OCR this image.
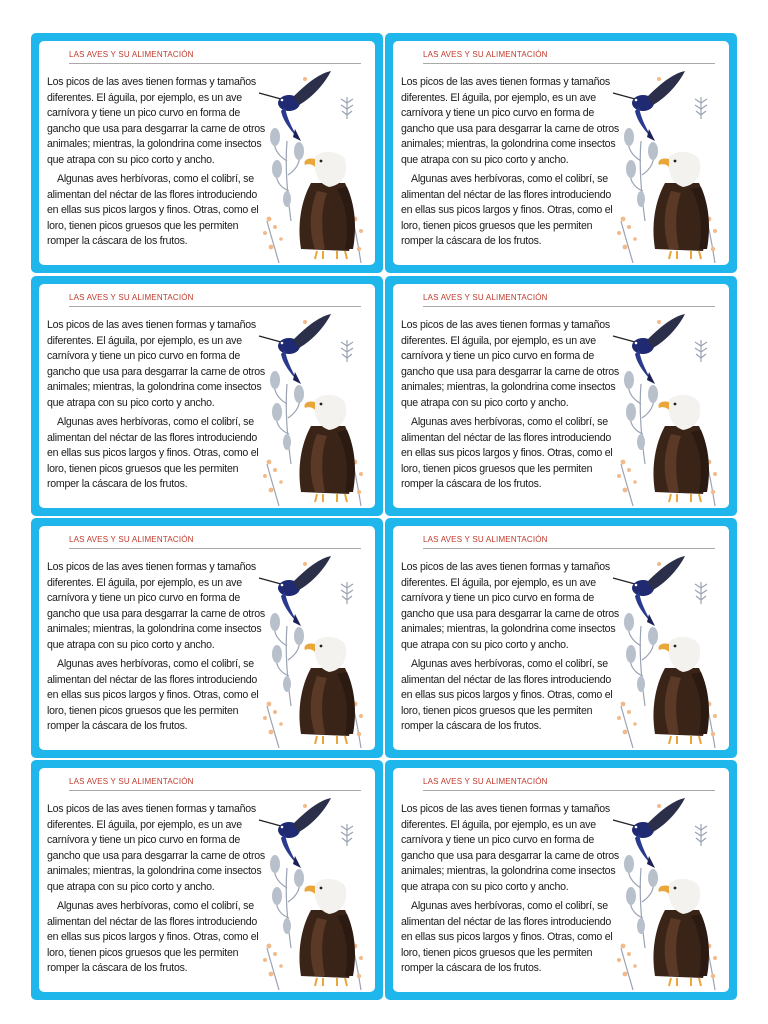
LAS AVES Y SU ALIMENTACIÓN

Los picos de las aves tienen formas y tamaños diferentes. El águila, por ejemplo, es un ave carnívora y tiene un pico curvo en forma de gancho que usa para desgarrar la carne de otros animales; mientras, la golondrina come insectos que atrapa con su pico corto y ancho.

Algunas aves herbívoras, como el colibrí, se alimentan del néctar de las flores introduciendo en ellas sus picos largos y finos. Otras, como el loro, tienen picos gruesos que les permiten romper la cáscara de los frutos.

LAS AVES Y SU ALIMENTACIÓN

Los picos de las aves tienen formas y tamaños diferentes. El águila, por ejemplo, es un ave carnívora y tiene un pico curvo en forma de gancho que usa para desgarrar la carne de otros animales; mientras, la golondrina come insectos que atrapa con su pico corto y ancho.

Algunas aves herbívoras, como el colibrí, se alimentan del néctar de las flores introduciendo en ellas sus picos largos y finos. Otras, como el loro, tienen picos gruesos que les permiten romper la cáscara de los frutos.

LAS AVES Y SU ALIMENTACIÓN

Los picos de las aves tienen formas y tamaños diferentes. El águila, por ejemplo, es un ave carnívora y tiene un pico curvo en forma de gancho que usa para desgarrar la carne de otros animales; mientras, la golondrina come insectos que atrapa con su pico corto y ancho.

Algunas aves herbívoras, como el colibrí, se alimentan del néctar de las flores introduciendo en ellas sus picos largos y finos. Otras, como el loro, tienen picos gruesos que les permiten romper la cáscara de los frutos.

LAS AVES Y SU ALIMENTACIÓN

Los picos de las aves tienen formas y tamaños diferentes. El águila, por ejemplo, es un ave carnívora y tiene un pico curvo en forma de gancho que usa para desgarrar la carne de otros animales; mientras, la golondrina come insectos que atrapa con su pico corto y ancho.

Algunas aves herbívoras, como el colibrí, se alimentan del néctar de las flores introduciendo en ellas sus picos largos y finos. Otras, como el loro, tienen picos gruesos que les permiten romper la cáscara de los frutos.

LAS AVES Y SU ALIMENTACIÓN

Los picos de las aves tienen formas y tamaños diferentes. El águila, por ejemplo, es un ave carnívora y tiene un pico curvo en forma de gancho que usa para desgarrar la carne de otros animales; mientras, la golondrina come insectos que atrapa con su pico corto y ancho.

Algunas aves herbívoras, como el colibrí, se alimentan del néctar de las flores introduciendo en ellas sus picos largos y finos. Otras, como el loro, tienen picos gruesos que les permiten romper la cáscara de los frutos.

LAS AVES Y SU ALIMENTACIÓN

Los picos de las aves tienen formas y tamaños diferentes. El águila, por ejemplo, es un ave carnívora y tiene un pico curvo en forma de gancho que usa para desgarrar la carne de otros animales; mientras, la golondrina come insectos que atrapa con su pico corto y ancho.

Algunas aves herbívoras, como el colibrí, se alimentan del néctar de las flores introduciendo en ellas sus picos largos y finos. Otras, como el loro, tienen picos gruesos que les permiten romper la cáscara de los frutos.

LAS AVES Y SU ALIMENTACIÓN

Los picos de las aves tienen formas y tamaños diferentes. El águila, por ejemplo, es un ave carnívora y tiene un pico curvo en forma de gancho que usa para desgarrar la carne de otros animales; mientras, la golondrina come insectos que atrapa con su pico corto y ancho.

Algunas aves herbívoras, como el colibrí, se alimentan del néctar de las flores introduciendo en ellas sus picos largos y finos. Otras, como el loro, tienen picos gruesos que les permiten romper la cáscara de los frutos.

LAS AVES Y SU ALIMENTACIÓN

Los picos de las aves tienen formas y tamaños diferentes. El águila, por ejemplo, es un ave carnívora y tiene un pico curvo en forma de gancho que usa para desgarrar la carne de otros animales; mientras, la golondrina come insectos que atrapa con su pico corto y ancho.

Algunas aves herbívoras, como el colibrí, se alimentan del néctar de las flores introduciendo en ellas sus picos largos y finos. Otras, como el loro, tienen picos gruesos que les permiten romper la cáscara de los frutos.
